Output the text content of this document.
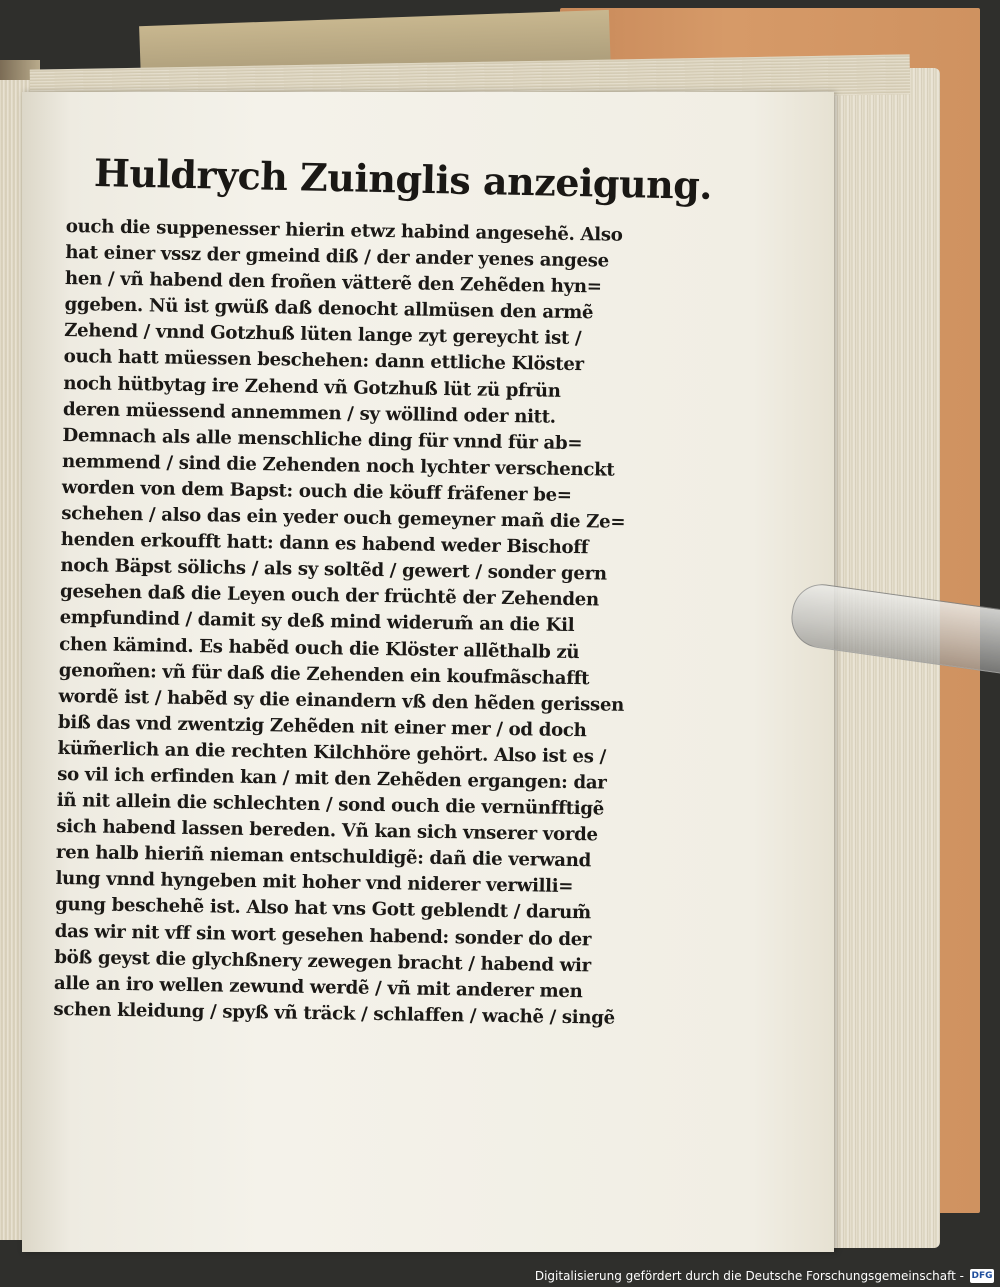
Huldrych Zuinglis anzeigung.
ouch die suppenesser hierin etwz habind angesehẽ. Also
hat einer vssz der gmeind diß / der ander yenes angese
hen / vñ habend den froñen vätterẽ den Zehẽden hyn=
ggeben. Nü ist gwüß daß denocht allmüsen den armẽ
Zehend / vnnd Gotzhuß lüten lange zyt gereycht ist /
ouch hatt müessen beschehen: dann ettliche Klöster
noch hütbytag ire Zehend vñ Gotzhuß lüt zü pfrün
deren müessend annemmen / sy wöllind oder nitt.
Demnach als alle menschliche ding für vnnd für ab=
nemmend / sind die Zehenden noch lychter verschenckt
worden von dem Bapst: ouch die köuff fräfener be=
schehen / also das ein yeder ouch gemeyner mañ die Ze=
henden erkoufft hatt: dann es habend weder Bischoff
noch Bäpst sölichs / als sy soltẽd / gewert / sonder gern
gesehen daß die Leyen ouch der früchtẽ der Zehenden
empfundind / damit sy deß mind widerum̃ an die Kil
chen kämind. Es habẽd ouch die Klöster allẽthalb zü
genom̃en: vñ für daß die Zehenden ein koufmãschafft
wordẽ ist / habẽd sy die einandern vß den hẽden gerissen
biß das vnd zwentzig Zehẽden nit einer mer / od doch
küm̃erlich an die rechten Kilchhöre gehört. Also ist es /
so vil ich erfinden kan / mit den Zehẽden ergangen: dar
iñ nit allein die schlechten / sond ouch die vernünfftigẽ
sich habend lassen bereden. Vñ kan sich vnserer vorde
ren halb hieriñ nieman entschuldigẽ: dañ die verwand
lung vnnd hyngeben mit hoher vnd niderer verwilli=
gung beschehẽ ist. Also hat vns Gott geblendt / darum̃
das wir nit vff sin wort gesehen habend: sonder do der
böß geyst die glychßnery zewegen bracht / habend wir
alle an iro wellen zewund werdẽ / vñ mit anderer men
schen kleidung / spyß vñ träck / schlaffen / wachẽ / singẽ
Digitalisierung gefördert durch die Deutsche Forschungsgemeinschaft - DFG
